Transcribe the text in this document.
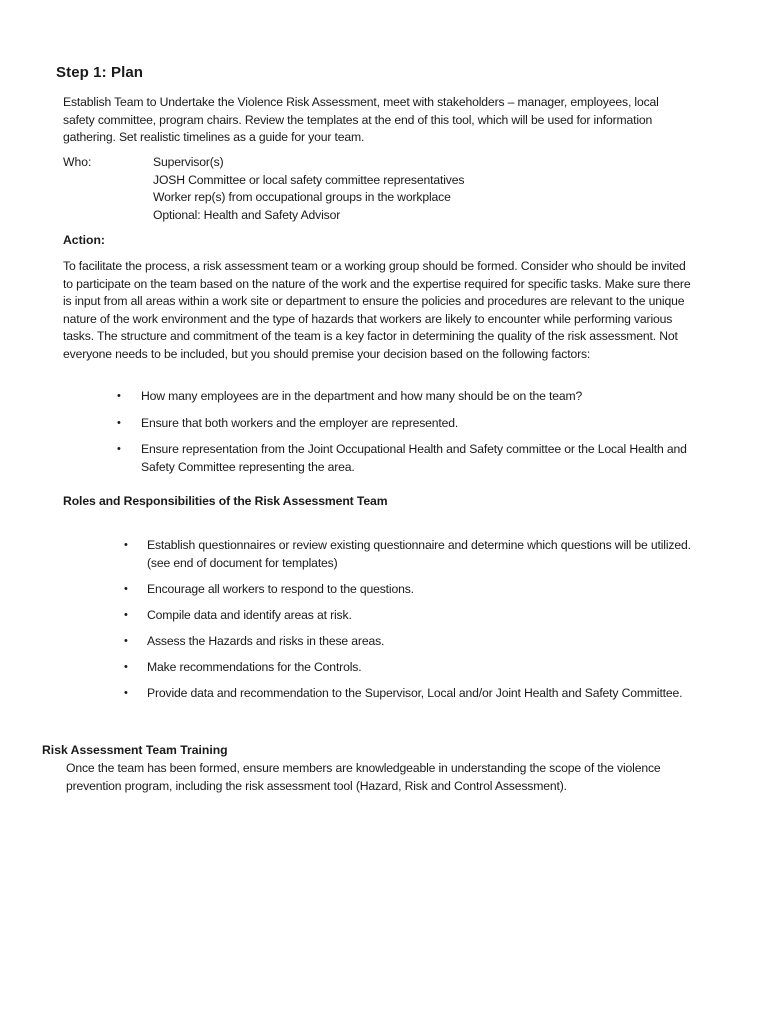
Step 1: Plan
Establish Team to Undertake the Violence Risk Assessment, meet with stakeholders – manager, employees, local safety committee, program chairs. Review the templates at the end of this tool, which will be used for information gathering. Set realistic timelines as a guide for your team.
Who:	Supervisor(s)
JOSH Committee or local safety committee representatives
Worker rep(s) from occupational groups in the workplace
Optional: Health and Safety Advisor
Action:
To facilitate the process, a risk assessment team or a working group should be formed. Consider who should be invited to participate on the team based on the nature of the work and the expertise required for specific tasks. Make sure there is input from all areas within a work site or department to ensure the policies and procedures are relevant to the unique nature of the work environment and the type of hazards that workers are likely to encounter while performing various tasks. The structure and commitment of the team is a key factor in determining the quality of the risk assessment. Not everyone needs to be included, but you should premise your decision based on the following factors:
• How many employees are in the department and how many should be on the team?
• Ensure that both workers and the employer are represented.
• Ensure representation from the Joint Occupational Health and Safety committee or the Local Health and Safety Committee representing the area.
Roles and Responsibilities of the Risk Assessment Team
• Establish questionnaires or review existing questionnaire and determine which questions will be utilized. (see end of document for templates)
• Encourage all workers to respond to the questions.
• Compile data and identify areas at risk.
• Assess the Hazards and risks in these areas.
• Make recommendations for the Controls.
• Provide data and recommendation to the Supervisor, Local and/or Joint Health and Safety Committee.
Risk Assessment Team Training
Once the team has been formed, ensure members are knowledgeable in understanding the scope of the violence prevention program, including the risk assessment tool (Hazard, Risk and Control Assessment).
